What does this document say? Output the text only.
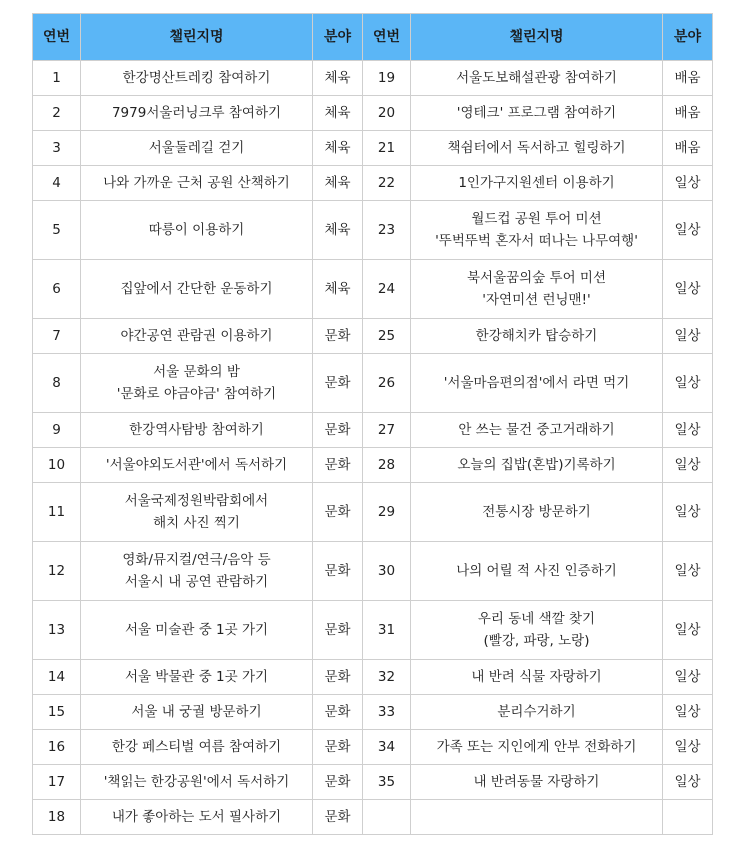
연번	챌린지명	분야	연번	챌린지명	분야
1	한강명산트레킹 참여하기	체육	19	서울도보해설관광 참여하기	배움
2	7979서울러닝크루 참여하기	체육	20	'영테크' 프로그램 참여하기	배움
3	서울둘레길 걷기	체육	21	책쉼터에서 독서하고 힐링하기	배움
4	나와 가까운 근처 공원 산책하기	체육	22	1인가구지원센터 이용하기	일상
5	따릉이 이용하기	체육	23	월드컵 공원 투어 미션
'뚜벅뚜벅 혼자서 떠나는 나무여행'	일상
6	집앞에서 간단한 운동하기	체육	24	북서울꿈의숲 투어 미션
'자연미션 런닝맨!'	일상
7	야간공연 관람권 이용하기	문화	25	한강해치카 탑승하기	일상
8	서울 문화의 밤
'문화로 야금야금' 참여하기	문화	26	'서울마음편의점'에서 라면 먹기	일상
9	한강역사탐방 참여하기	문화	27	안 쓰는 물건 중고거래하기	일상
10	'서울야외도서관'에서 독서하기	문화	28	오늘의 집밥(혼밥)기록하기	일상
11	서울국제정원박람회에서
해치 사진 찍기	문화	29	전통시장 방문하기	일상
12	영화/뮤지컬/연극/음악 등
서울시 내 공연 관람하기	문화	30	나의 어릴 적 사진 인증하기	일상
13	서울 미술관 중 1곳 가기	문화	31	우리 동네 색깔 찾기
(빨강, 파랑, 노랑)	일상
14	서울 박물관 중 1곳 가기	문화	32	내 반려 식물 자랑하기	일상
15	서울 내 궁궐 방문하기	문화	33	분리수거하기	일상
16	한강 페스티벌 여름 참여하기	문화	34	가족 또는 지인에게 안부 전화하기	일상
17	'책읽는 한강공원'에서 독서하기	문화	35	내 반려동물 자랑하기	일상
18	내가 좋아하는 도서 필사하기	문화			
